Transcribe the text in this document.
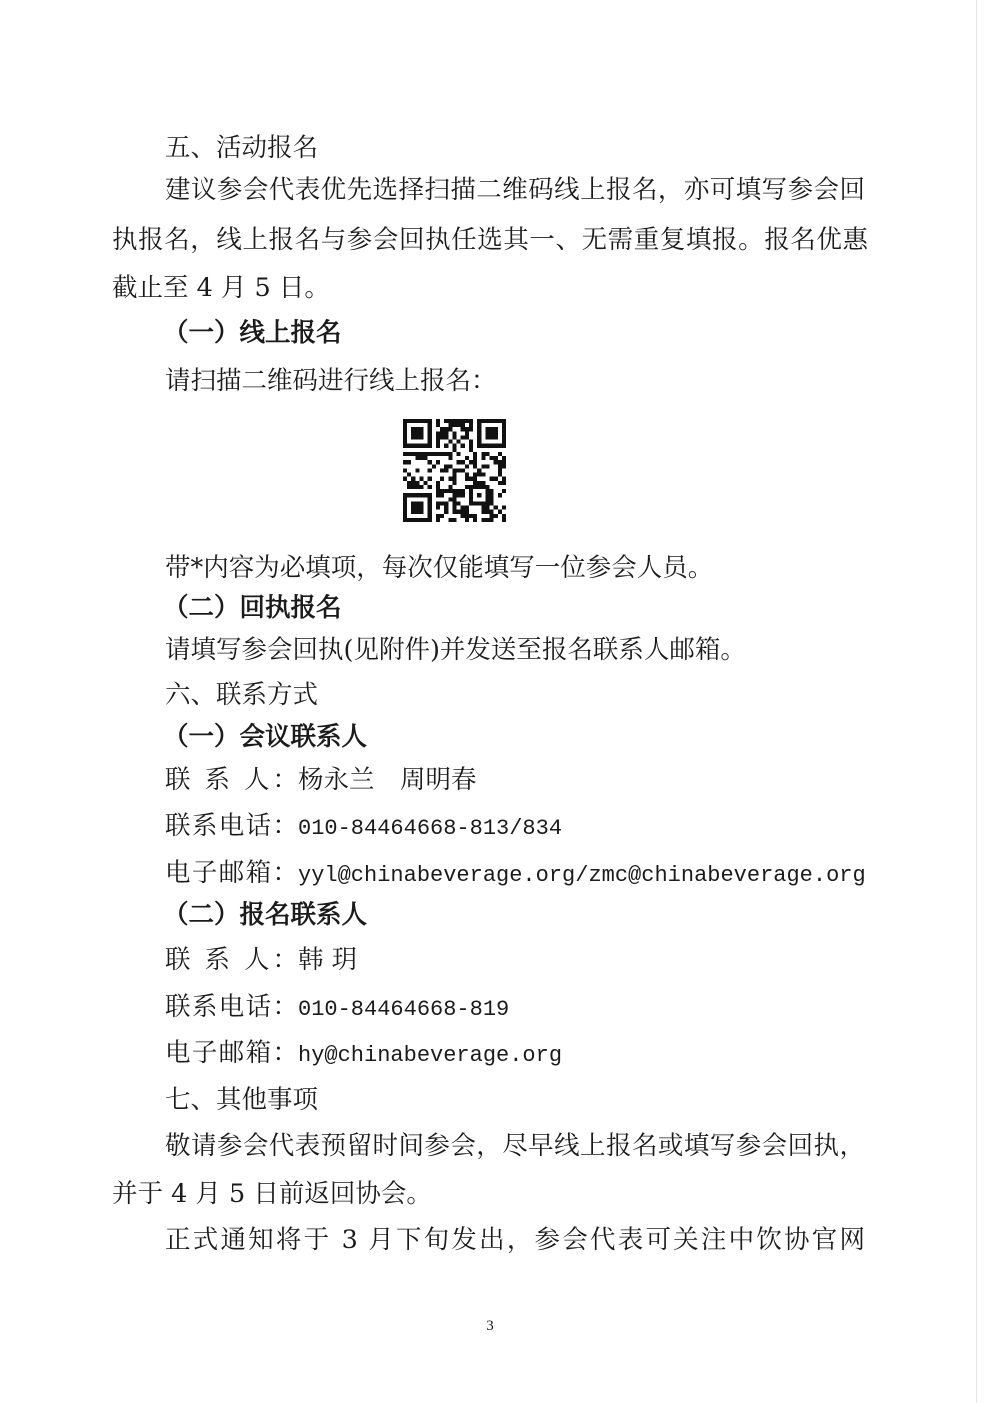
五、活动报名
建议参会代表优先选择扫描二维码线上报名，亦可填写参会回
执报名，线上报名与参会回执任选其一、无需重复填报。报名优惠
截止至 4 月 5 日。
（一）线上报名
请扫描二维码进行线上报名：
带*内容为必填项，每次仅能填写一位参会人员。
（二）回执报名
请填写参会回执(见附件)并发送至报名联系人邮箱。
六、联系方式
（一）会议联系人
联 系 人：杨永兰　周明春
联系电话：010-84464668-813/834
电子邮箱：yyl@chinabeverage.org/zmc@chinabeverage.org
（二）报名联系人
联 系 人：韩 玥
联系电话：010-84464668-819
电子邮箱：hy@chinabeverage.org
七、其他事项
敬请参会代表预留时间参会，尽早线上报名或填写参会回执，
并于 4 月 5 日前返回协会。
正式通知将于 3 月下旬发出，参会代表可关注中饮协官网
3
